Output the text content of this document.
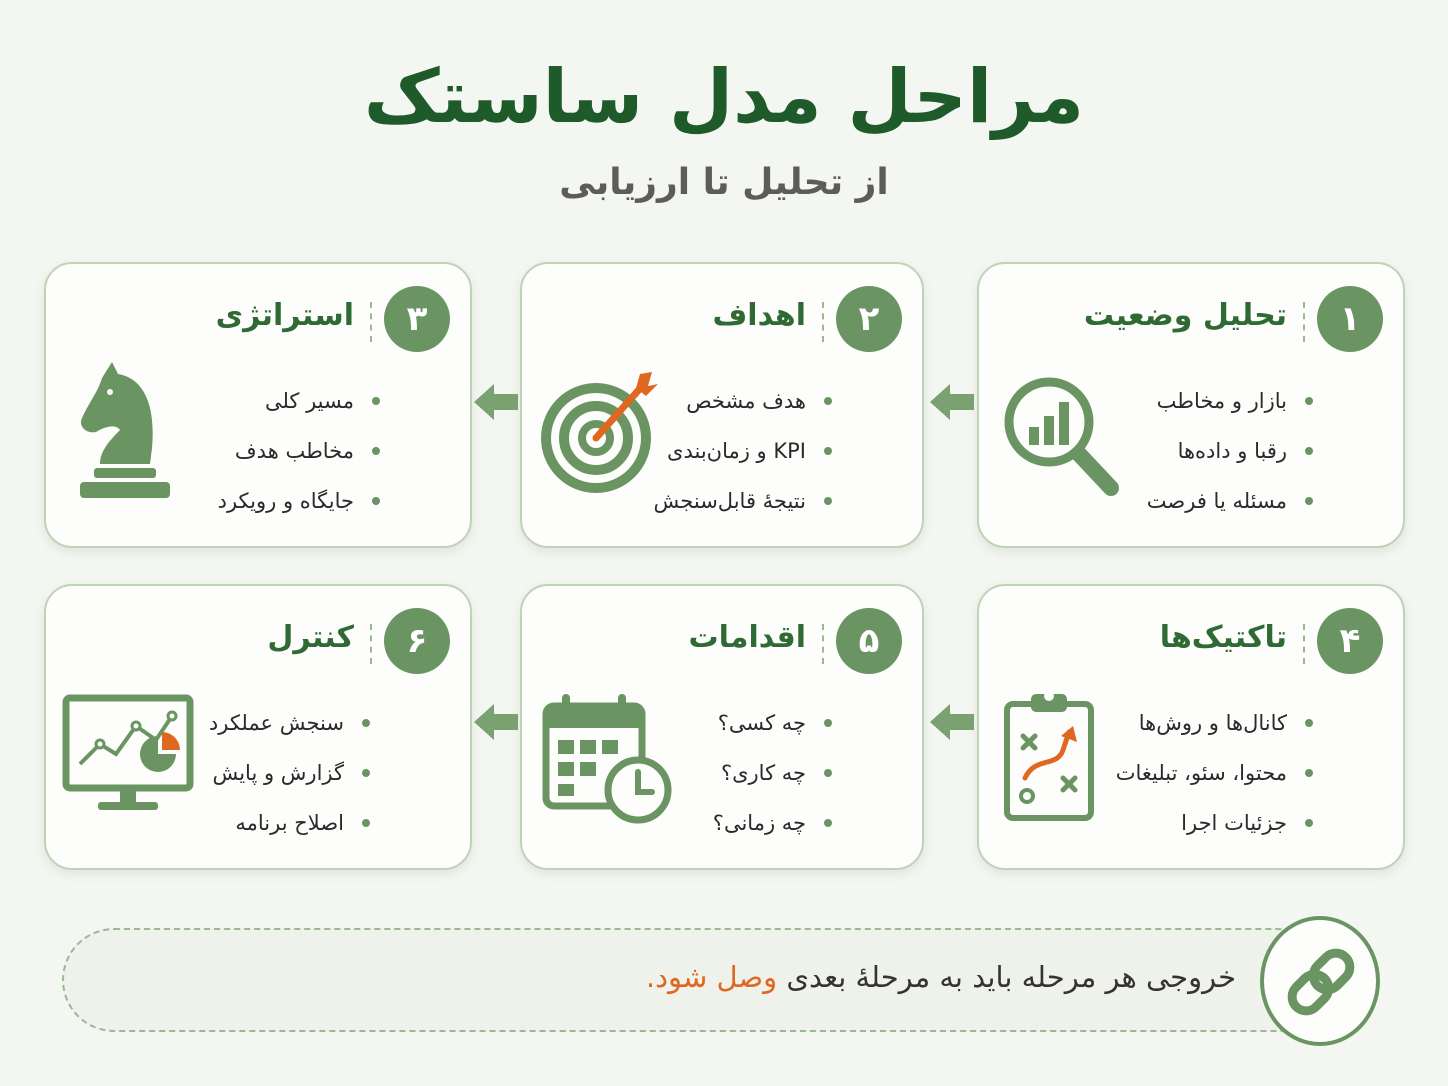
مراحل مدل ساستک
از تحلیل تا ارزیابی
۱
تحلیل وضعیت
بازار و مخاطب
رقبا و داده‌ها
مسئله یا فرصت
۲
اهداف
هدف مشخص
KPI و زمان‌بندی
نتیجهٔ قابل‌سنجش
۳
استراتژی
مسیر کلی
مخاطب هدف
جایگاه و رویکرد
۴
تاکتیک‌ها
کانال‌ها و روش‌ها
محتوا، سئو، تبلیغات
جزئیات اجرا
۵
اقدامات
چه کسی؟
چه کاری؟
چه زمانی؟
۶
کنترل
سنجش عملکرد
گزارش و پایش
اصلاح برنامه
خروجی هر مرحله باید به مرحلهٔ بعدی وصل شود.
